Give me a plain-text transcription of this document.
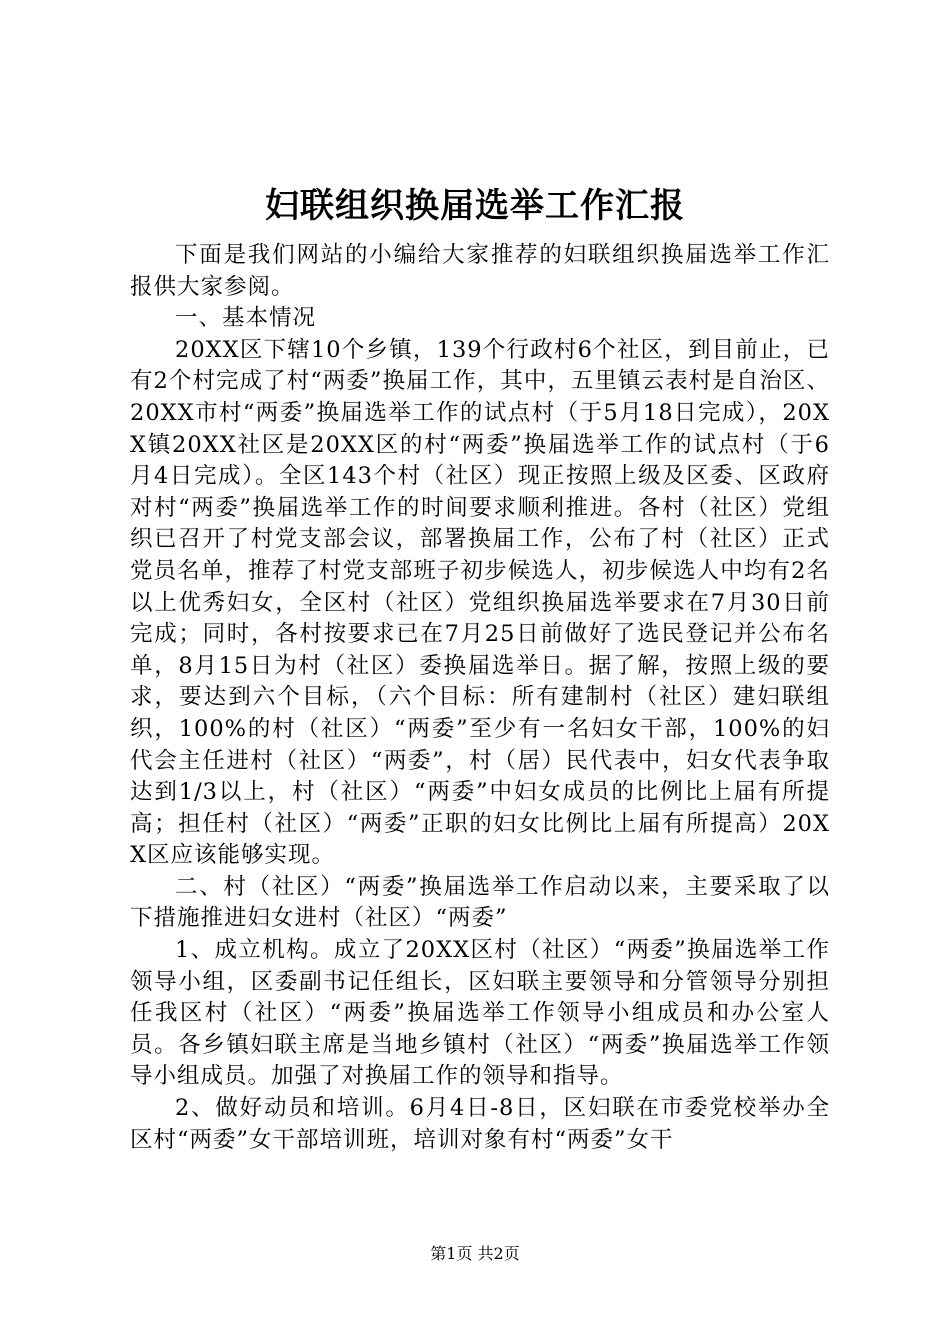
妇联组织换届选举工作汇报

下面是我们网站的小编给大家推荐的妇联组织换届选举工作汇报供大家参阅。

一、基本情况

20XX区下辖10个乡镇，139个行政村6个社区，到目前止，已有2个村完成了村“两委”换届工作，其中，五里镇云表村是自治区、20XX市村“两委”换届选举工作的试点村（于5月18日完成），20XX镇20XX社区是20XX区的村“两委”换届选举工作的试点村（于6月4日完成）。全区143个村（社区）现正按照上级及区委、区政府对村“两委”换届选举工作的时间要求顺利推进。各村（社区）党组织已召开了村党支部会议，部署换届工作，公布了村（社区）正式党员名单，推荐了村党支部班子初步候选人，初步候选人中均有2名以上优秀妇女，全区村（社区）党组织换届选举要求在7月30日前完成；同时，各村按要求已在7月25日前做好了选民登记并公布名单，8月15日为村（社区）委换届选举日。据了解，按照上级的要求，要达到六个目标，（六个目标：所有建制村（社区）建妇联组织，100%的村（社区）“两委”至少有一名妇女干部，100%的妇代会主任进村（社区）“两委”，村（居）民代表中，妇女代表争取达到1/3以上，村（社区）“两委”中妇女成员的比例比上届有所提高；担任村（社区）“两委”正职的妇女比例比上届有所提高）20XX区应该能够实现。

二、村（社区）“两委”换届选举工作启动以来，主要采取了以下措施推进妇女进村（社区）“两委”

1、成立机构。成立了20XX区村（社区）“两委”换届选举工作领导小组，区委副书记任组长，区妇联主要领导和分管领导分别担任我区村（社区）“两委”换届选举工作领导小组成员和办公室人员。各乡镇妇联主席是当地乡镇村（社区）“两委”换届选举工作领导小组成员。加强了对换届工作的领导和指导。

2、做好动员和培训。6月4日-8日，区妇联在市委党校举办全区村“两委”女干部培训班，培训对象有村“两委”女干

第1页 共2页
